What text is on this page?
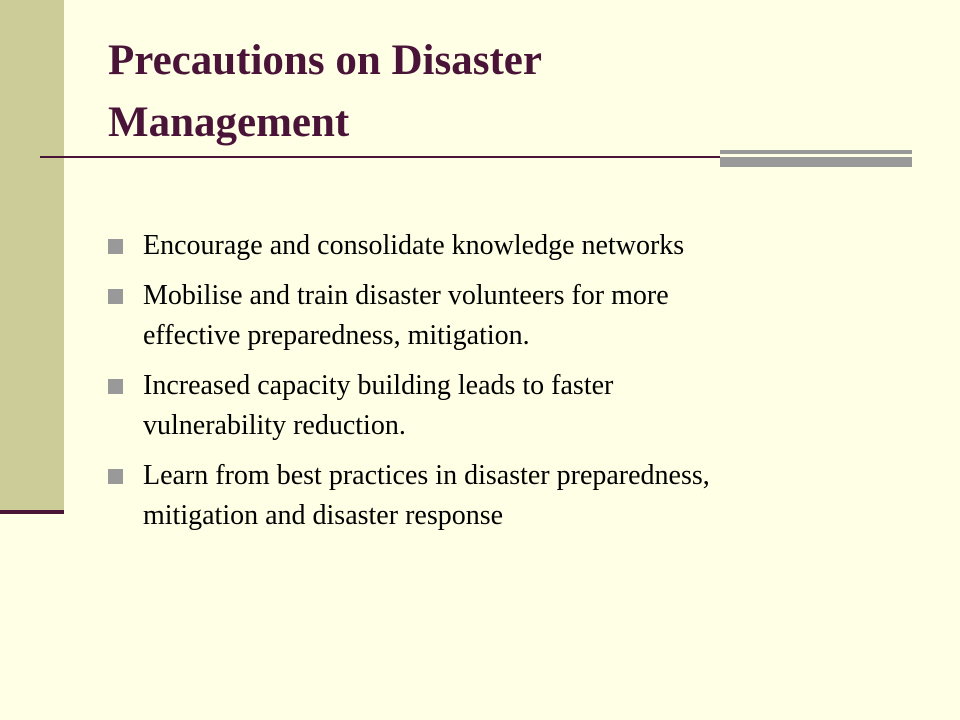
Precautions on Disaster
Management
Encourage and consolidate knowledge networks
Mobilise and train disaster volunteers for more
effective preparedness, mitigation.
Increased capacity building leads to faster
vulnerability reduction.
Learn from best practices in disaster preparedness,
mitigation and disaster response
